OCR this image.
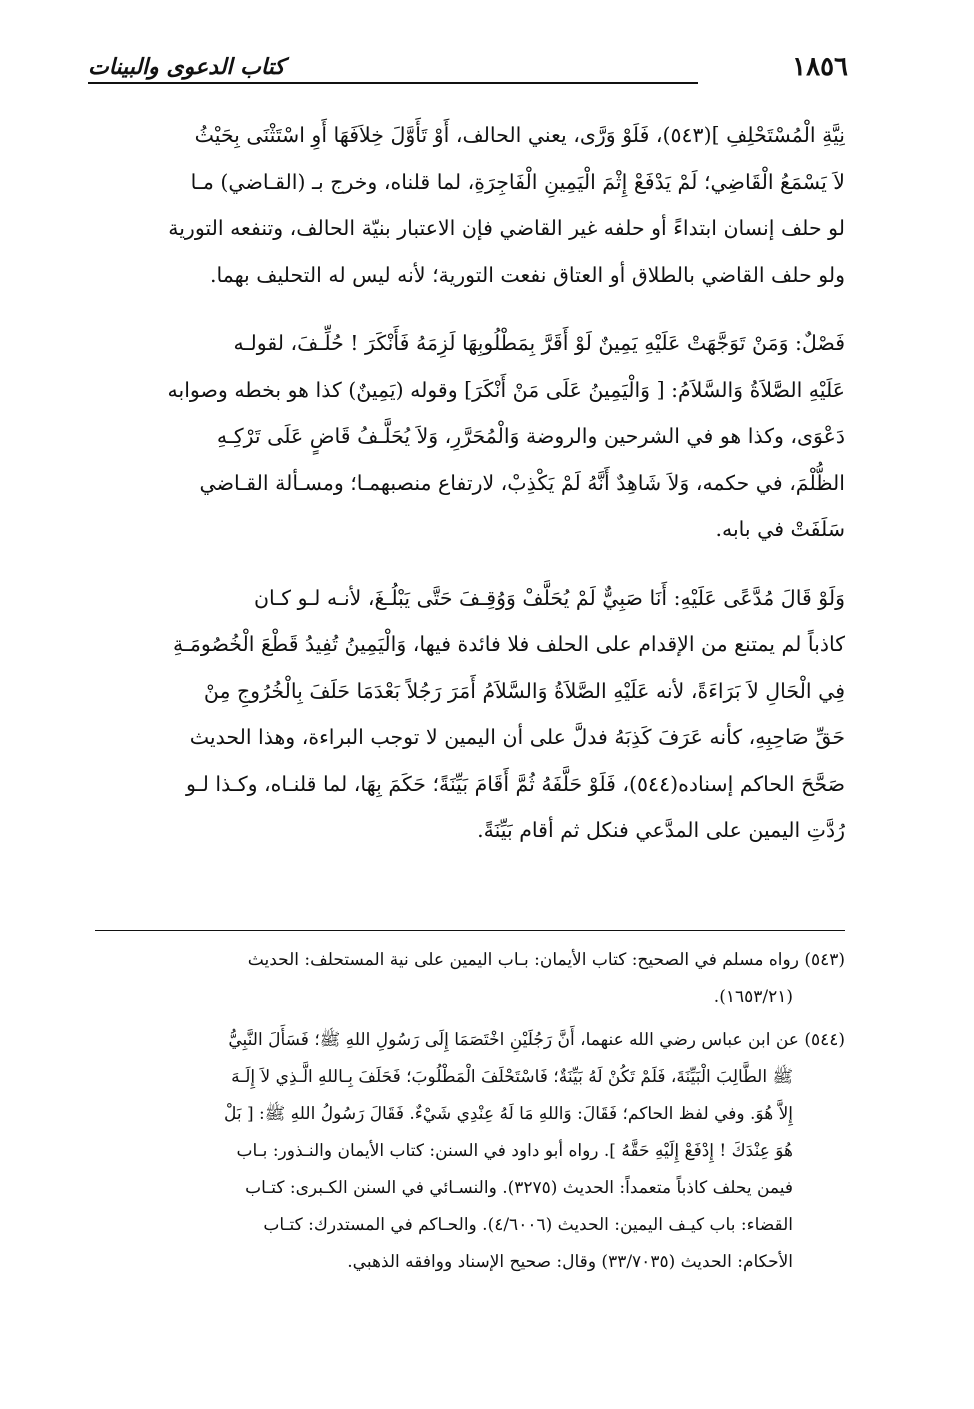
١٨٥٦
كتاب الدعوى والبينات
نِيَّةِ الْمُسْتَحْلِفِ ](٥٤٣)، فَلَوْ وَرَّى، يعني الحالف، أَوْ تَأَوَّلَ خِلاَفَهَا أَوِ اسْتَثْنَى بِحَيْثُ
لاَ يَسْمَعُ الْقَاضِي؛ لَمْ يَدْفَعْ إِثْمَ الْيَمِينِ الْفَاجِرَةِ، لما قلناه، وخرج بـ (القـاضي) مـا
لو حلف إنسان ابتداءً أو حلفه غير القاضي فإن الاعتبار بنيّة الحالف، وتنفعه التورية
ولو حلف القاضي بالطلاق أو العتاق نفعت التورية؛ لأنه ليس له التحليف بهما.
فَصْلٌ: وَمَنْ تَوَجَّهَتْ عَلَيْهِ يَمِينٌ لَوْ أَقَرَّ بِمَطْلُوبِهَا لَزِمَهُ فَأَنْكَرَ ! حُلِّـفَ، لقولـه
عَلَيْهِ الصَّلاَةُ وَالسَّلاَمُ: [ وَالْيَمِينُ عَلَى مَنْ أَنْكَرَ] وقوله (يَمِينٌ) كذا هو بخطه وصوابه
دَعْوَى، وكذا هو في الشرحين والروضة وَالْمُحَرَّرِ، وَلاَ يُحَلَّـفُ قَاضٍ عَلَى تَرْكِـهِ
الظُّلْمَ، في حكمه، وَلاَ شَاهِدٌ أَنَّهُ لَمْ يَكْذِبْ، لارتفاع منصبهمـا؛ ومسـألة القـاضي
سَلَفَتْ في بابه.
وَلَوْ قَالَ مُدَّعًى عَلَيْهِ: أَنَا صَبِيٌّ لَمْ يُحَلَّفْ وَوُقِـفَ حَتَّى يَبْلُـغَ، لأنـه لـو كـان
كاذباً لم يمتنع من الإقدام على الحلف فلا فائدة فيها، وَالْيَمِينُ تُفِيدُ قَطْعَ الْخُصُومَـةِ
فِي الْحَالِ لاَ بَرَاءَةً، لأنه عَلَيْهِ الصَّلاَةُ وَالسَّلاَمُ أَمَرَ رَجُلاً بَعْدَمَا حَلَفَ بِالْخُرُوجِ مِنْ
حَقِّ صَاحِبِهِ، كأنه عَرَفَ كَذِبَهُ فدلَّ على أن اليمين لا توجب البراءة، وهذا الحديث
صَحَّحَ الحاكم إسناده(٥٤٤)، فَلَوْ حَلَّفَهُ ثُمَّ أَقَامَ بَيِّنَةً؛ حَكَمَ بِهَا، لما قلنـاه، وكـذا لـو
رُدَّتِ اليمين على المدَّعي فنكل ثم أقام بَيِّنَةً.
(٥٤٣) رواه مسلم في الصحيح: كتاب الأيمان: بـاب اليمين على نية المستحلف: الحديث
(١٦٥٣/٢١).
(٥٤٤) عن ابن عباس رضي الله عنهما، أَنَّ رَجُلَيْنِ اخْتَصَمَا إِلَى رَسُولِ اللهِ ﷺ؛ فَسَأَلَ النَّبِيُّ
ﷺ الطَّالِبَ الْبَيِّنَةَ، فَلَمْ تَكُنْ لَهُ بَيِّنَةٌ؛ فَاسْتَحْلَفَ الْمَطْلُوبَ؛ فَحَلَفَ بِـاللهِ الَّـذِي لاَ إِلَـهَ
إِلاَّ هُوَ. وفي لفظ الحاكم؛ فَقَالَ: وَاللهِ مَا لَهُ عِنْدِي شَيْءٌ. فَقَالَ رَسُولُ اللهِ ﷺ: [ بَلْ
هُوَ عِنْدَكَ ! إِدْفَعْ إِلَيْهِ حَقَّهُ ]. رواه أبو داود في السنن: كتاب الأيمان والنـذور: بـاب
فيمن يحلف كاذباً متعمداً: الحديث (٣٢٧٥). والنسـائي في السنن الكـبرى: كتـاب
القضاء: باب كيـف اليمين: الحديث (٤/٦٠٠٦). والحـاكم في المستدرك: كتـاب
الأحكام: الحديث (٣٣/٧٠٣٥) وقال: صحيح الإسناد ووافقه الذهبي.
